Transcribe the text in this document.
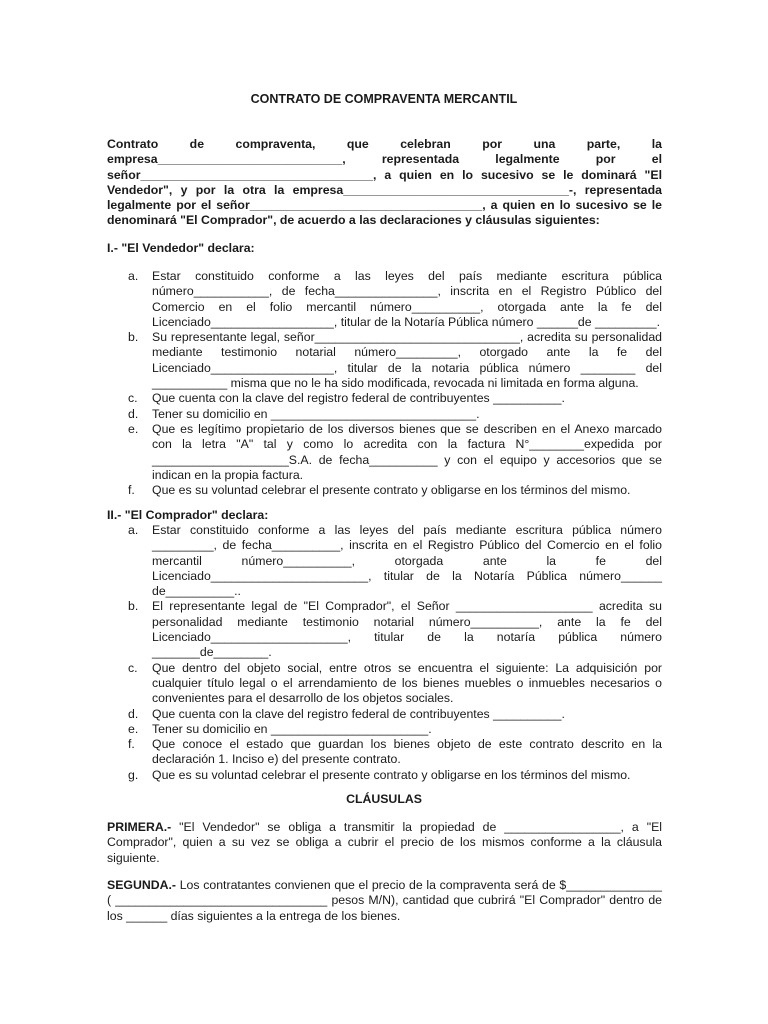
CONTRATO DE COMPRAVENTA MERCANTIL
Contrato de compraventa, que celebran por una parte, la empresa___________________________, representada legalmente por el señor__________________________________, a quien en lo sucesivo se le dominará "El Vendedor", y por la otra la empresa_________________________________-, representada legalmente por el señor__________________________________, a quien en lo sucesivo se le denominará "El Comprador", de acuerdo a las declaraciones y cláusulas siguientes:
I.- "El Vendedor" declara:
a. Estar constituido conforme a las leyes del país mediante escritura pública número___________, de fecha_______________, inscrita en el Registro Público del Comercio en el folio mercantil número__________, otorgada ante la fe del Licenciado__________________, titular de la Notaría Pública número ______de _________.
b. Su representante legal, señor______________________________, acredita su personalidad mediante testimonio notarial número_________, otorgado ante la fe del Licenciado__________________, titular de la notaria pública número ________ del ___________ misma que no le ha sido modificada, revocada ni limitada en forma alguna.
c. Que cuenta con la clave del registro federal de contribuyentes __________.
d. Tener su domicilio en ______________________________.
e. Que es legítimo propietario de los diversos bienes que se describen en el Anexo marcado con la letra "A" tal y como lo acredita con la factura N°________expedida por ____________________S.A. de fecha__________ y con el equipo y accesorios que se indican en la propia factura.
f. Que es su voluntad celebrar el presente contrato y obligarse en los términos del mismo.
II.- "El Comprador" declara:
a. Estar constituido conforme a las leyes del país mediante escritura pública número _________, de fecha__________, inscrita en el Registro Público del Comercio en el folio mercantil número__________, otorgada ante la fe del Licenciado_______________________, titular de la Notaría Pública número______ de__________..
b. El representante legal de "El Comprador", el Señor ____________________ acredita su personalidad mediante testimonio notarial número__________, ante la fe del Licenciado____________________, titular de la notaría pública número _______de________.
c. Que dentro del objeto social, entre otros se encuentra el siguiente: La adquisición por cualquier título legal o el arrendamiento de los bienes muebles o inmuebles necesarios o convenientes para el desarrollo de los objetos sociales.
d. Que cuenta con la clave del registro federal de contribuyentes __________.
e. Tener su domicilio en _______________________.
f. Que conoce el estado que guardan los bienes objeto de este contrato descrito en la declaración 1. Inciso e) del presente contrato.
g. Que es su voluntad celebrar el presente contrato y obligarse en los términos del mismo.
CLÁUSULAS
PRIMERA.- "El Vendedor" se obliga a transmitir la propiedad de _________________, a "El Comprador", quien a su vez se obliga a cubrir el precio de los mismos conforme a la cláusula siguiente.
SEGUNDA.- Los contratantes convienen que el precio de la compraventa será de $______________ ( _______________________________ pesos M/N), cantidad que cubrirá "El Comprador" dentro de los ______ días siguientes a la entrega de los bienes.
